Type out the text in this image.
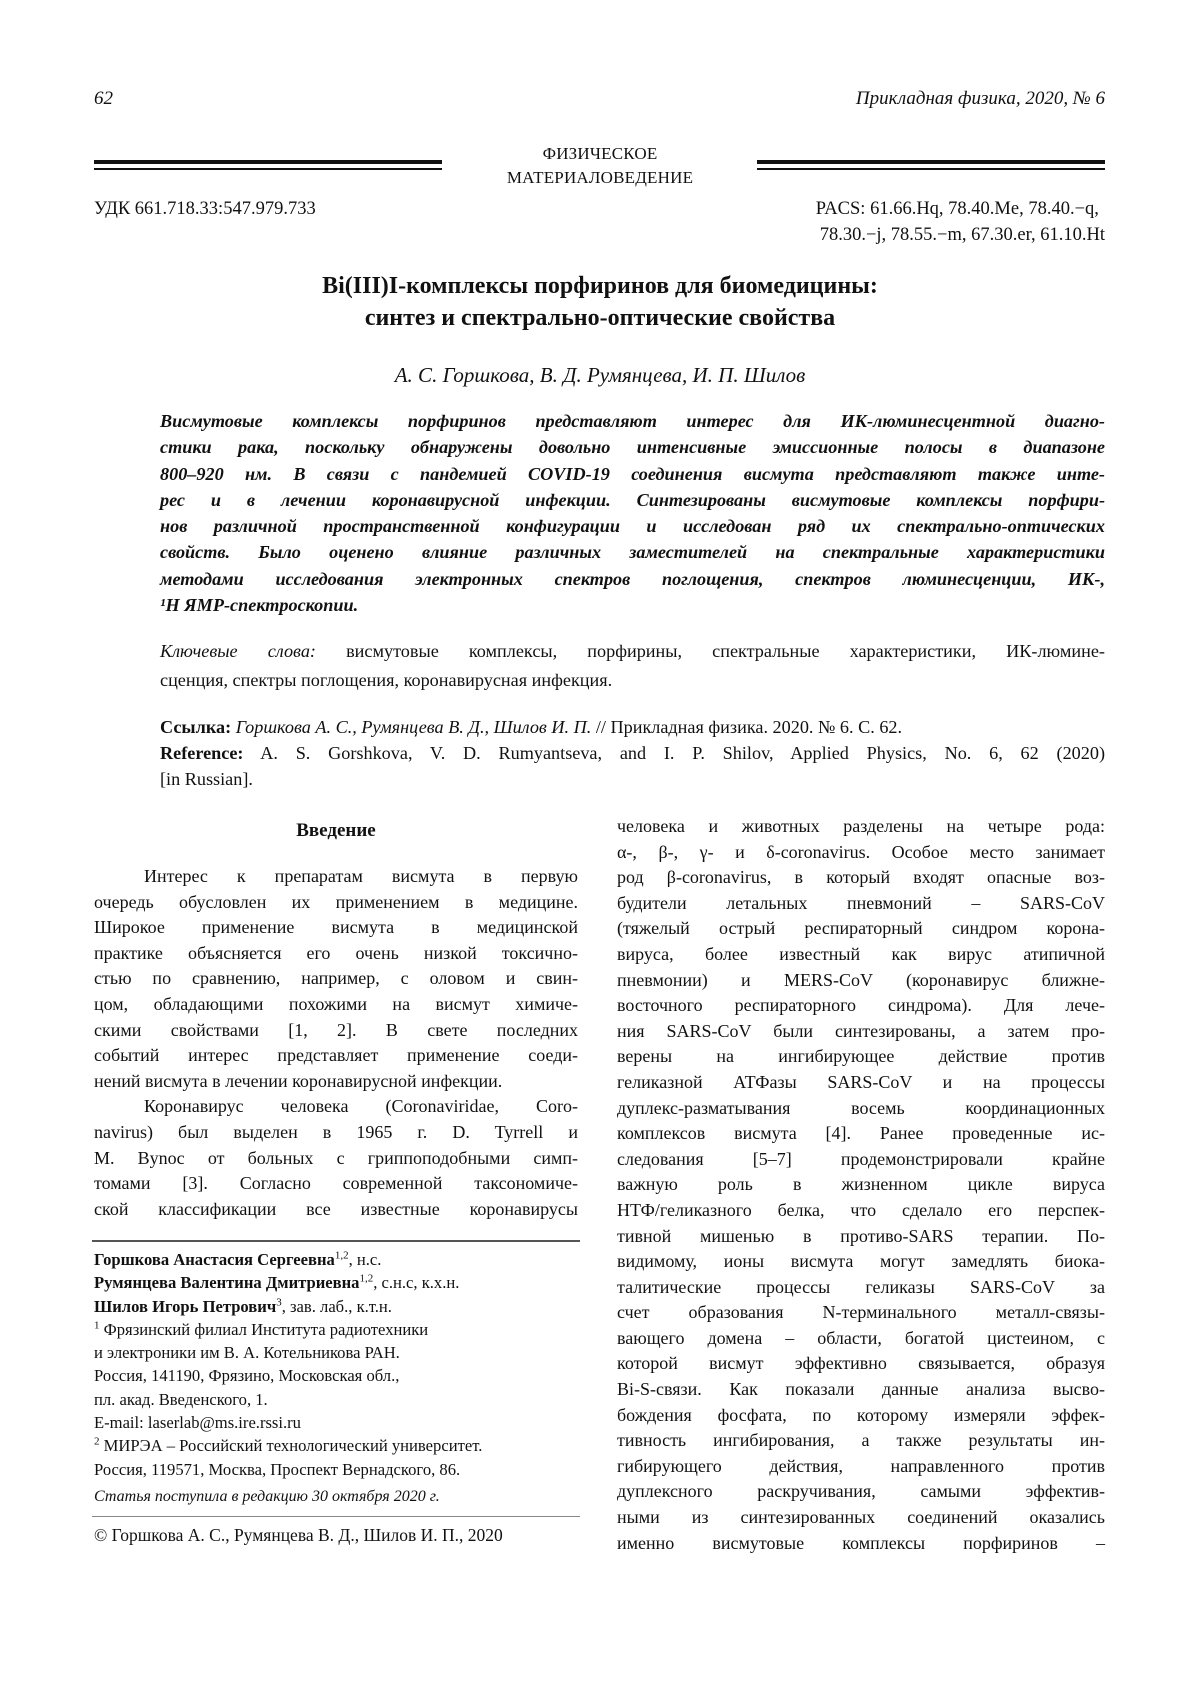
62	Прикладная физика, 2020, № 6
ФИЗИЧЕСКОЕ
МАТЕРИАЛОВЕДЕНИЕ
УДК 661.718.33:547.979.733	PACS: 61.66.Hq, 78.40.Me, 78.40.−q,
78.30.−j, 78.55.−m, 67.30.er, 61.10.Ht
Bi(III)I-комплексы порфиринов для биомедицины:
синтез и спектрально-оптические свойства
А. С. Горшкова, В. Д. Румянцева, И. П. Шилов
Висмутовые комплексы порфиринов представляют интерес для ИК-люминесцентной диагно-
стики рака, поскольку обнаружены довольно интенсивные эмиссионные полосы в диапазоне
800–920 нм. В связи с пандемией COVID-19 соединения висмута представляют также инте-
рес и в лечении коронавирусной инфекции. Синтезированы висмутовые комплексы порфири-
нов различной пространственной конфигурации и исследован ряд их спектрально-оптических
свойств. Было оценено влияние различных заместителей на спектральные характеристики
методами исследования электронных спектров поглощения, спектров люминесценции, ИК-,
¹Н ЯМР-спектроскопии.
Ключевые слова: висмутовые комплексы, порфирины, спектральные характеристики, ИК-люмине-
сценция, спектры поглощения, коронавирусная инфекция.
Ссылка: Горшкова А. С., Румянцева В. Д., Шилов И. П. // Прикладная физика. 2020. № 6. С. 62.
Reference: A. S. Gorshkova, V. D. Rumyantseva, and I. P. Shilov, Applied Physics, No. 6, 62 (2020)
[in Russian].
Введение
Интерес к препаратам висмута в первую
очередь обусловлен их применением в медицине.
Широкое применение висмута в медицинской
практике объясняется его очень низкой токсично-
стью по сравнению, например, с оловом и свин-
цом, обладающими похожими на висмут химиче-
скими свойствами [1, 2]. В свете последних
событий интерес представляет применение соеди-
нений висмута в лечении коронавирусной инфекции.
Коронавирус человека (Coronaviridae, Coro-
navirus) был выделен в 1965 г. D. Tyrrell и
M. Bynoc от больных с гриппоподобными симп-
томами [3]. Согласно современной таксономиче-
ской классификации все известные коронавирусы
человека и животных разделены на четыре рода:
α-, β-, γ- и δ-coronavirus. Особое место занимает
род β-coronavirus, в который входят опасные воз-
будители летальных пневмоний – SARS-CoV
(тяжелый острый респираторный синдром корона-
вируса, более известный как вирус атипичной
пневмонии) и MERS-CoV (коронавирус ближне-
восточного респираторного синдрома). Для лече-
ния SARS-CoV были синтезированы, а затем про-
верены на ингибирующее действие против
геликазной АТФазы SARS-CoV и на процессы
дуплекс-разматывания восемь координационных
комплексов висмута [4]. Ранее проведенные ис-
следования [5–7] продемонстрировали крайне
важную роль в жизненном цикле вируса
НТФ/геликазного белка, что сделало его перспек-
тивной мишенью в противо-SARS терапии. По-
видимому, ионы висмута могут замедлять биока-
талитические процессы геликазы SARS-CoV за
счет образования N-терминального металл-связы-
вающего домена – области, богатой цистеином, с
которой висмут эффективно связывается, образуя
Bi-S-связи. Как показали данные анализа высво-
бождения фосфата, по которому измеряли эффек-
тивность ингибирования, а также результаты ин-
гибирующего действия, направленного против
дуплексного раскручивания, самыми эффектив-
ными из синтезированных соединений оказались
именно висмутовые комплексы порфиринов –
Горшкова Анастасия Сергеевна1,2, н.с.
Румянцева Валентина Дмитриевна1,2, с.н.с, к.х.н.
Шилов Игорь Петрович3, зав. лаб., к.т.н.
1 Фрязинский филиал Института радиотехники
и электроники им В. А. Котельникова РАН.
Россия, 141190, Фрязино, Московская обл.,
пл. акад. Введенского, 1.
E-mail: laserlab@ms.ire.rssi.ru
2 МИРЭА – Российский технологический университет.
Россия, 119571, Москва, Проспект Вернадского, 86.
Статья поступила в редакцию 30 октября 2020 г.
© Горшкова А. С., Румянцева В. Д., Шилов И. П., 2020
